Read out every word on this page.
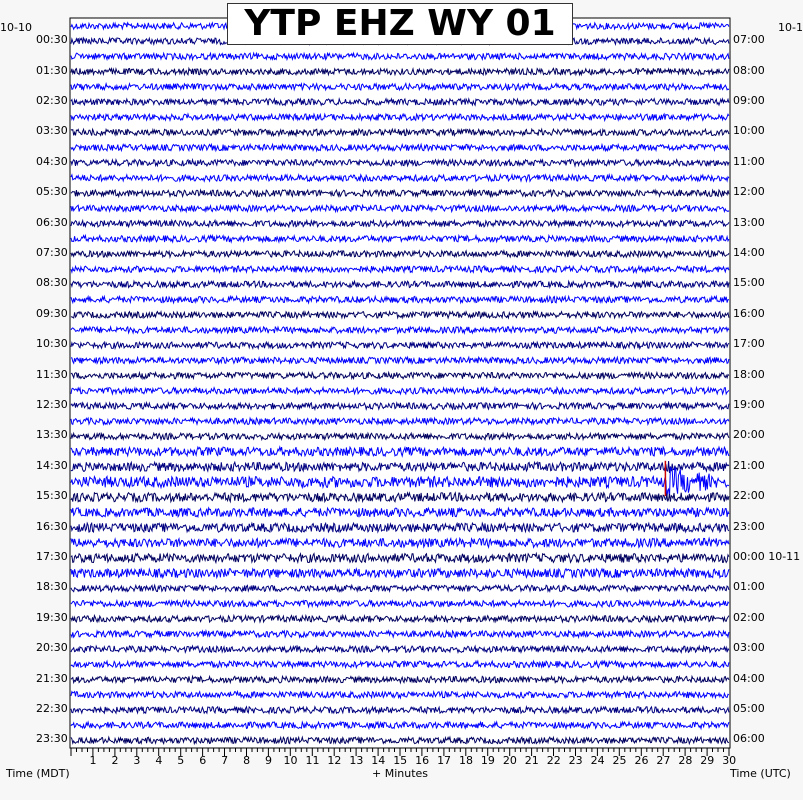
YTP EHZ WY 01
10-10	10-1
00:30
01:30
02:30
03:30
04:30
05:30
06:30
07:30
08:30
09:30
10:30
11:30
12:30
13:30
14:30
15:30
16:30
17:30
18:30
19:30
20:30
21:30
22:30
23:30
07:00
08:00
09:00
10:00
11:00
12:00
13:00
14:00
15:00
16:00
17:00
18:00
19:00
20:00
21:00
22:00
23:00
00:00 10-11
01:00
02:00
03:00
04:00
05:00
06:00
1 2 3 4 5 6 7 8 9 10 11 12 13 14 15 16 17 18 19 20 21 22 23 24 25 26 27 28 29 30
Time (MDT)	+ Minutes	Time (UTC)
